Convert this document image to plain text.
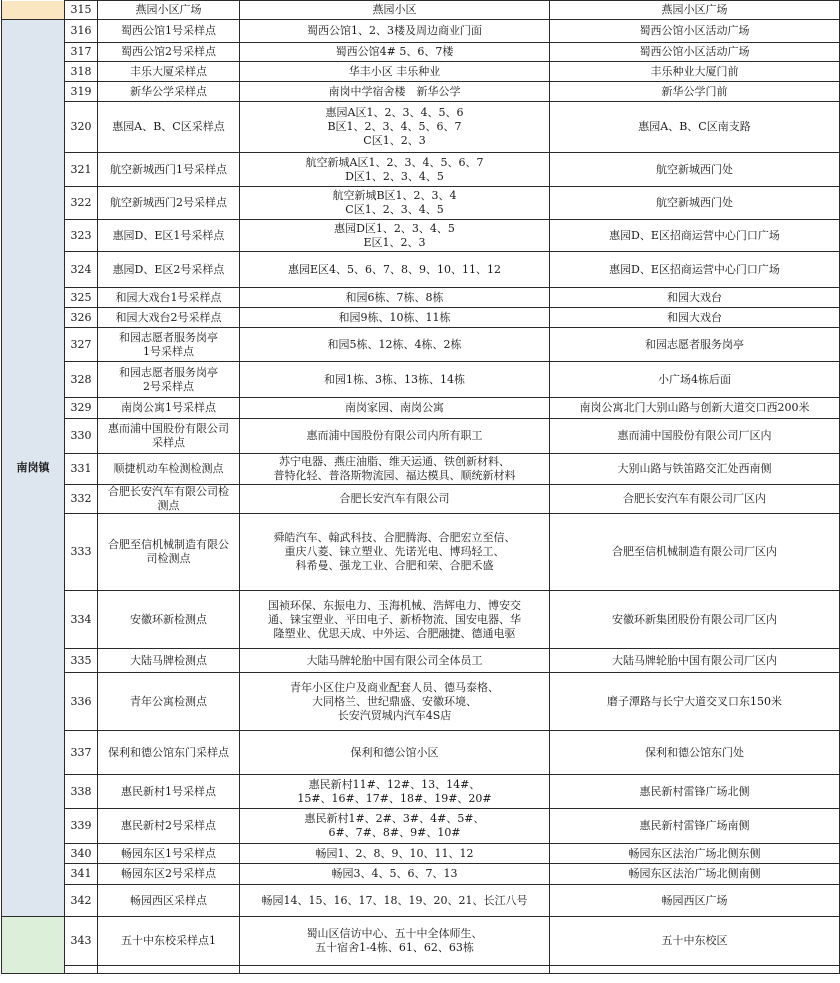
	315	燕园小区广场	燕园小区	燕园小区广场

南岗镇	316	蜀西公馆1号采样点	蜀西公馆1、2、3楼及周边商业门面	蜀西公馆小区活动广场

	317	蜀西公馆2号采样点	蜀西公馆4# 5、6、7楼	蜀西公馆小区活动广场

	318	丰乐大厦采样点	华丰小区 丰乐种业	丰乐种业大厦门前

	319	新华公学采样点	南岗中学宿舍楼　新华公学	新华公学门前

	320	惠园A、B、C区采样点	惠园A区1、2、3、4、5、6
B区1、2、3、4、5、6、7
C区1、2、3	惠园A、B、C区南支路

	321	航空新城西门1号采样点	航空新城A区1、2、3、4、5、6、7
D区1、2、3、4、5	航空新城西门处

	322	航空新城西门2号采样点	航空新城B区1、2、3、4
C区1、2、3、4、5	航空新城西门处

	323	惠园D、E区1号采样点	惠园D区1、2、3、4、5
E区1、2、3	惠园D、E区招商运营中心门口广场

	324	惠园D、E区2号采样点	惠园E区4、5、6、7、8、9、10、11、12	惠园D、E区招商运营中心门口广场

	325	和园大戏台1号采样点	和园6栋、7栋、8栋	和园大戏台

	326	和园大戏台2号采样点	和园9栋、10栋、11栋	和园大戏台

	327	和园志愿者服务岗亭
1号采样点	和园5栋、12栋、4栋、2栋	和园志愿者服务岗亭

	328	和园志愿者服务岗亭
2号采样点	和园1栋、3栋、13栋、14栋	小广场4栋后面

	329	南岗公寓1号采样点	南岗家园、南岗公寓	南岗公寓北门大别山路与创新大道交口西200米

	330	惠而浦中国股份有限公司
采样点	惠而浦中国股份有限公司内所有职工	惠而浦中国股份有限公司厂区内

	331	顺捷机动车检测检测点	苏宁电器、燕庄油脂、维天运通、铁创新材料、
普特化轻、普洛斯物流园、福达模具、顺统新材料	大别山路与铁笛路交汇处西南侧

	332	合肥长安汽车有限公司检
测点	合肥长安汽车有限公司	合肥长安汽车有限公司厂区内

	333	合肥至信机械制造有限公
司检测点	舜皓汽车、翰武科技、合肥腾海、合肥宏立至信、
重庆八菱、铼立塑业、先诺光电、博玛轻工、
科希曼、强龙工业、合肥和荣、合肥禾盛	合肥至信机械制造有限公司厂区内

	334	安徽环新检测点	国祯环保、东振电力、玉海机械、浩辉电力、博安交
通、铼宝塑业、平田电子、新桥物流、国安电器、华
隆塑业、优思天成、中外运、合肥融捷、德通电驱	安徽环新集团股份有限公司厂区内

	335	大陆马牌检测点	大陆马牌轮胎中国有限公司全体员工	大陆马牌轮胎中国有限公司厂区内

	336	青年公寓检测点	青年小区住户及商业配套人员、德马泰格、
大同格兰、世纪鼎盛、安徽环境、
长安汽贸城内汽车4S店	磨子潭路与长宁大道交叉口东150米

	337	保利和德公馆东门采样点	保利和德公馆小区	保利和德公馆东门处

	338	惠民新村1号采样点	惠民新村11#、12#、13、14#、
15#、16#、17#、18#、19#、20#	惠民新村雷锋广场北侧

	339	惠民新村2号采样点	惠民新村1#、2#、3#、4#、5#、
6#、7#、8#、9#、10#	惠民新村雷锋广场南侧

	340	畅园东区1号采样点	畅园1、2、8、9、10、11、12	畅园东区法治广场北侧东侧

	341	畅园东区2号采样点	畅园3、4、5、6、7、13	畅园东区法治广场北侧南侧

	342	畅园西区采样点	畅园14、15、16、17、18、19、20、21、长江八号	畅园西区广场

	343	五十中东校采样点1	蜀山区信访中心、五十中全体师生、
五十宿舍1-4栋、61、62、63栋	五十中东校区
